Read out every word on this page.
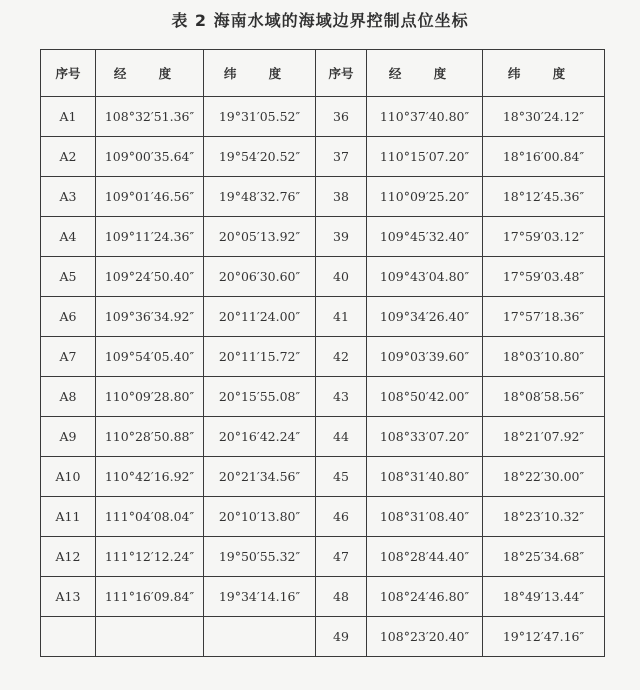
表 2 海南水域的海域边界控制点位坐标
序号	经 度	纬 度	序号	经 度	纬 度
A1	108°32′51.36″	19°31′05.52″	36	110°37′40.80″	18°30′24.12″
A2	109°00′35.64″	19°54′20.52″	37	110°15′07.20″	18°16′00.84″
A3	109°01′46.56″	19°48′32.76″	38	110°09′25.20″	18°12′45.36″
A4	109°11′24.36″	20°05′13.92″	39	109°45′32.40″	17°59′03.12″
A5	109°24′50.40″	20°06′30.60″	40	109°43′04.80″	17°59′03.48″
A6	109°36′34.92″	20°11′24.00″	41	109°34′26.40″	17°57′18.36″
A7	109°54′05.40″	20°11′15.72″	42	109°03′39.60″	18°03′10.80″
A8	110°09′28.80″	20°15′55.08″	43	108°50′42.00″	18°08′58.56″
A9	110°28′50.88″	20°16′42.24″	44	108°33′07.20″	18°21′07.92″
A10	110°42′16.92″	20°21′34.56″	45	108°31′40.80″	18°22′30.00″
A11	111°04′08.04″	20°10′13.80″	46	108°31′08.40″	18°23′10.32″
A12	111°12′12.24″	19°50′55.32″	47	108°28′44.40″	18°25′34.68″
A13	111°16′09.84″	19°34′14.16″	48	108°24′46.80″	18°49′13.44″
			49	108°23′20.40″	19°12′47.16″
